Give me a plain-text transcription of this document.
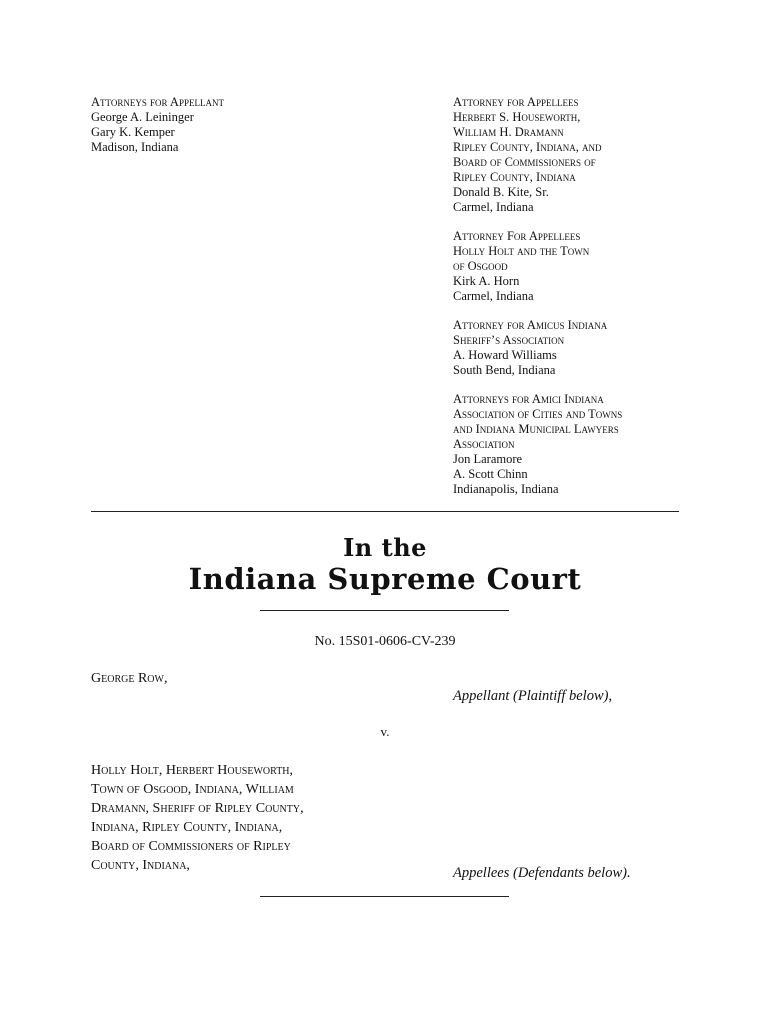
Attorneys for Appellant
George A. Leininger
Gary K. Kemper
Madison, Indiana
Attorney for Appellees
Herbert S. Houseworth,
William H. Dramann
Ripley County, Indiana, and
Board of Commissioners of
Ripley County, Indiana
Donald B. Kite, Sr.
Carmel, Indiana
Attorney For Appellees
Holly Holt and the Town
of Osgood
Kirk A. Horn
Carmel, Indiana
Attorney for Amicus Indiana
Sheriff’s Association
A. Howard Williams
South Bend, Indiana
Attorneys for Amici Indiana
Association of Cities and Towns
and Indiana Municipal Lawyers
Association
Jon Laramore
A. Scott Chinn
Indianapolis, Indiana
In the
Indiana Supreme Court
No. 15S01-0606-CV-239
George Row,
Appellant (Plaintiff below),
v.
Holly Holt, Herbert Houseworth,
Town of Osgood, Indiana, William
Dramann, Sheriff of Ripley County,
Indiana, Ripley County, Indiana,
Board of Commissioners of Ripley
County, Indiana,	Appellees (Defendants below).
